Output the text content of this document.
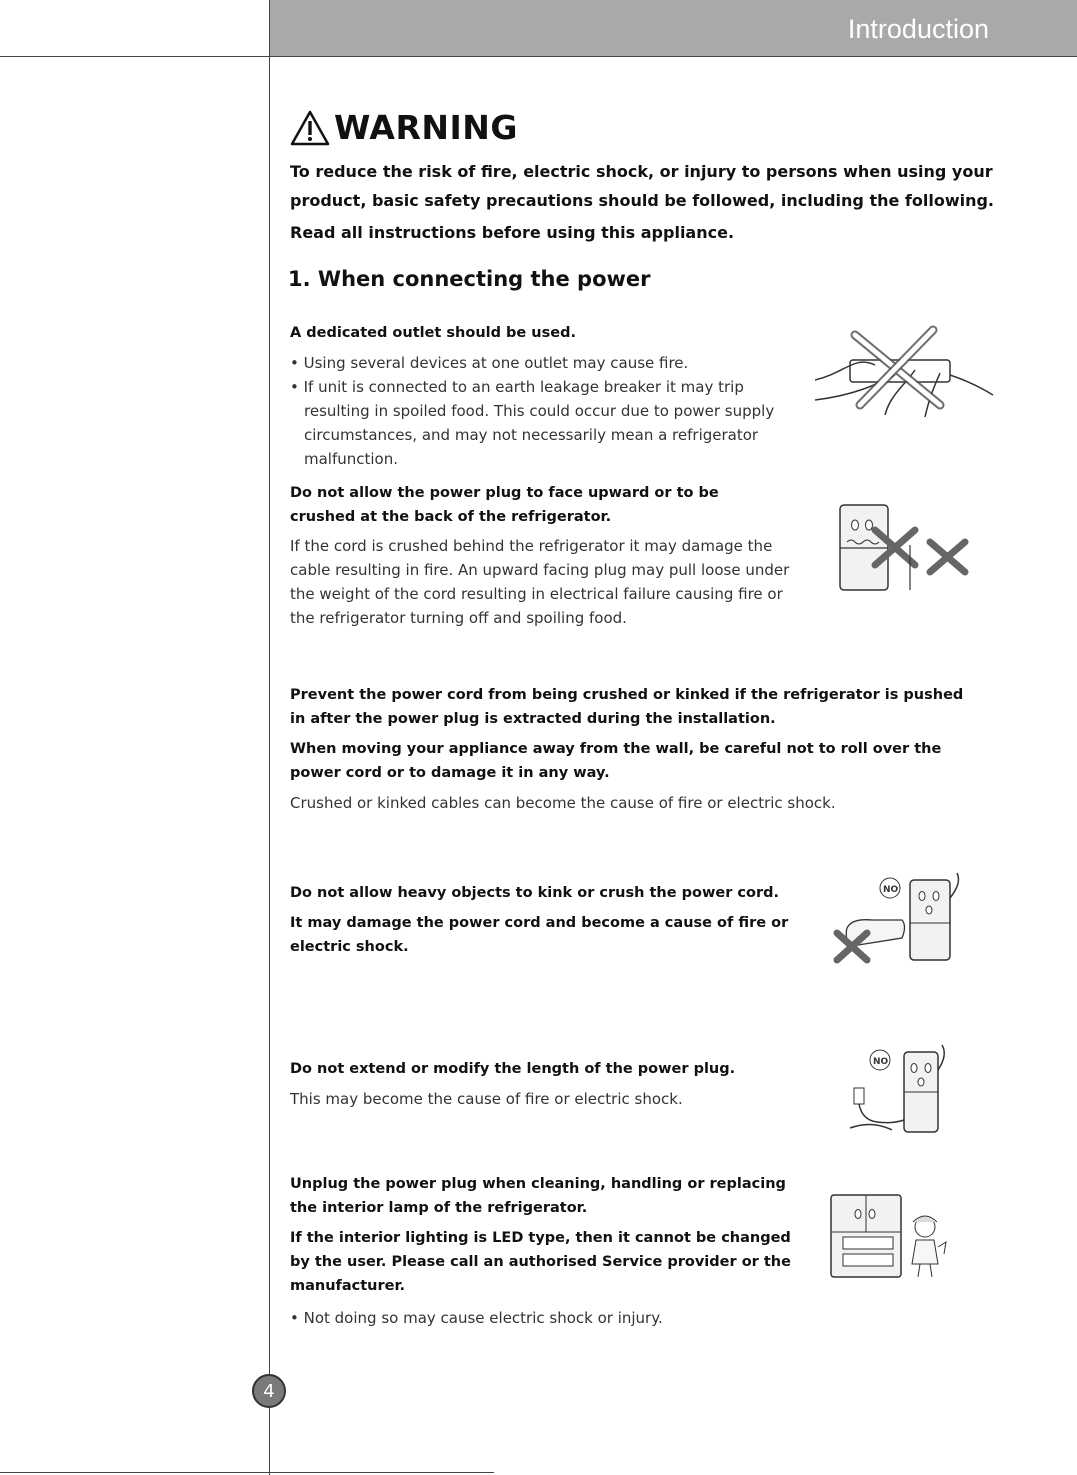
Introduction
WARNING

To reduce the risk of fire, electric shock, or injury to persons when using your product, basic safety precautions should be followed, including the following.

Read all instructions before using this appliance.

1. When connecting the power

A dedicated outlet should be used.

• Using several devices at one outlet may cause fire.

• If unit is connected to an earth leakage breaker it may trip resulting in spoiled food. This could occur due to power supply circumstances, and may not necessarily mean a refrigerator malfunction.

Do not allow the power plug to face upward or to be crushed at the back of the refrigerator.

If the cord is crushed behind the refrigerator it may damage the cable resulting in fire. An upward facing plug may pull loose under the weight of the cord resulting in electrical failure causing fire or the refrigerator turning off and spoiling food.

Prevent the power cord from being crushed or kinked if the refrigerator is pushed in after the power plug is extracted during the installation.

When moving your appliance away from the wall, be careful not to roll over the power cord or to damage it in any way.

Crushed or kinked cables can become the cause of fire or electric shock.

Do not allow heavy objects to kink or crush the power cord.

It may damage the power cord and become a cause of fire or electric shock.

NO

Do not extend or modify the length of the power plug.

This may become the cause of fire or electric shock.

NO

Unplug the power plug when cleaning, handling or replacing the interior lamp of the refrigerator.

If the interior lighting is LED type, then it cannot be changed by the user. Please call an authorised Service provider or the manufacturer.

• Not doing so may cause electric shock or injury.

4
